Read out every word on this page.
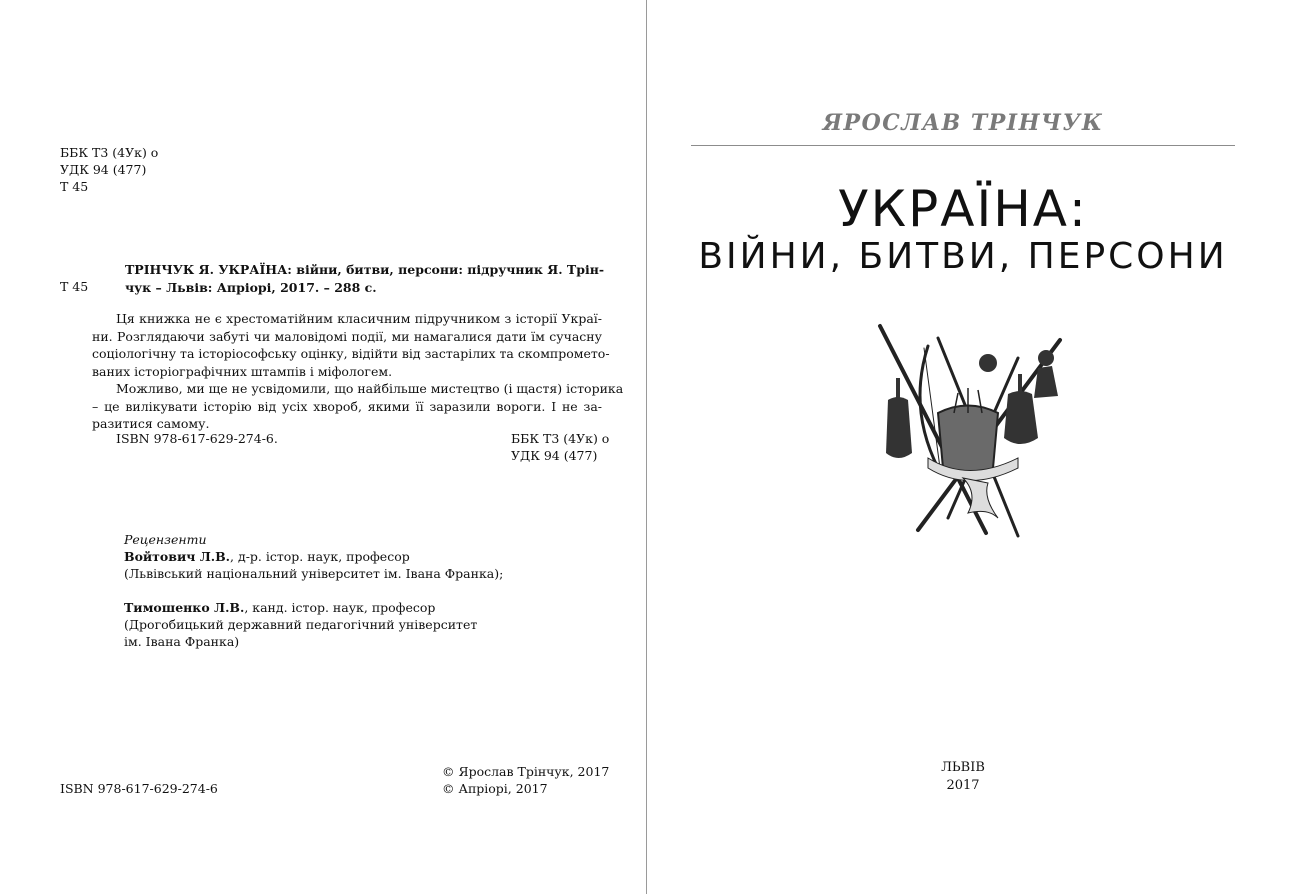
ББК Т3 (4Ук) о
УДК 94 (477)
Т 45
Т 45
ТРІНЧУК Я. УКРАЇНА: війни, битви, персони: підручник Я. Трін-
чук – Львів: Апріорі, 2017. – 288 с.
Ця книжка не є хрестоматійним класичним підручником з історії Украї-
ни. Розглядаючи забуті чи маловідомі події, ми намагалися дати їм сучасну
соціологічну та історіософську оцінку, відійти від застарілих та скомпромето-
ваних історіографічних штампів і міфологем.
Можливо, ми ще не усвідомили, що найбільше мистецтво (і щастя) історика
– це вилікувати історію від усіх хвороб, якими її заразили вороги. І не за-
разитися самому.
ISBN 978-617-629-274-6.	ББК Т3 (4Ук) о
УДК 94 (477)
Рецензенти
Войтович Л.В., д-р. істор. наук, професор
(Львівський національний університет ім. Івана Франка);
Тимошенко Л.В., канд. істор. наук, професор
(Дрогобицький державний педагогічний університет
ім. Івана Франка)
ISBN 978-617-629-274-6
© Ярослав Трінчук, 2017
© Апріорі, 2017
ЯРОСЛАВ ТРІНЧУК
УКРАЇНА:
ВІЙНИ, БИТВИ, ПЕРСОНИ
ЛЬВІВ
2017
